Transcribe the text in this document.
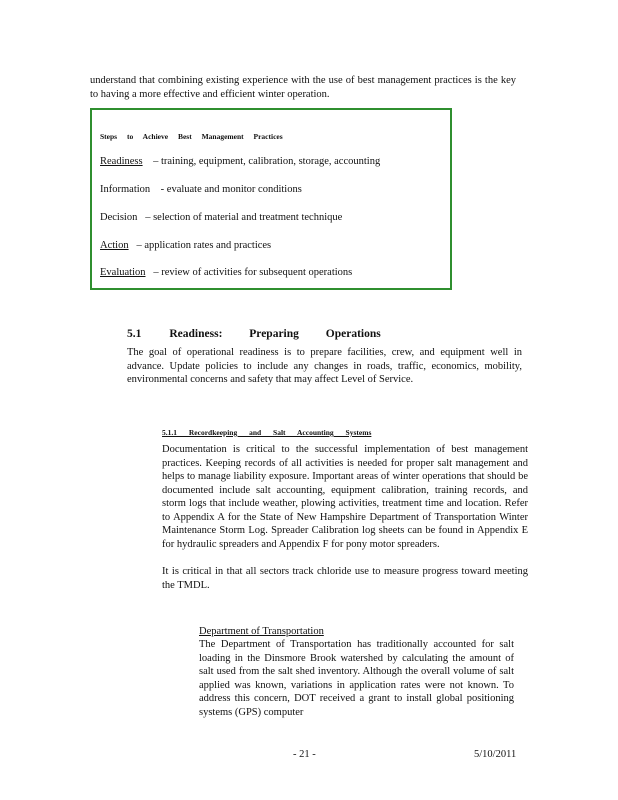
understand that combining existing experience with the use of best management practices is the key to having a more effective and efficient winter operation.

Steps to Achieve Best Management Practices
Readiness – training, equipment, calibration, storage, accounting
Information - evaluate and monitor conditions
Decision – selection of material and treatment technique
Action – application rates and practices
Evaluation – review of activities for subsequent operations
5.1 Readiness: Preparing Operations

The goal of operational readiness is to prepare facilities, crew, and equipment well in advance. Update policies to include any changes in roads, traffic, economics, mobility, environmental concerns and safety that may affect Level of Service.

5.1.1 Recordkeeping and Salt Accounting Systems

Documentation is critical to the successful implementation of best management practices. Keeping records of all activities is needed for proper salt management and helps to manage liability exposure. Important areas of winter operations that should be documented include salt accounting, equipment calibration, training records, and storm logs that include weather, plowing activities, treatment time and location. Refer to Appendix A for the State of New Hampshire Department of Transportation Winter Maintenance Storm Log. Spreader Calibration log sheets can be found in Appendix E for hydraulic spreaders and Appendix F for pony motor spreaders.

It is critical in that all sectors track chloride use to measure progress toward meeting the TMDL.

Department of Transportation

The Department of Transportation has traditionally accounted for salt loading in the Dinsmore Brook watershed by calculating the amount of salt used from the salt shed inventory. Although the overall volume of salt applied was known, variations in application rates were not known. To address this concern, DOT received a grant to install global positioning systems (GPS) computer

- 21 -	5/10/2011
